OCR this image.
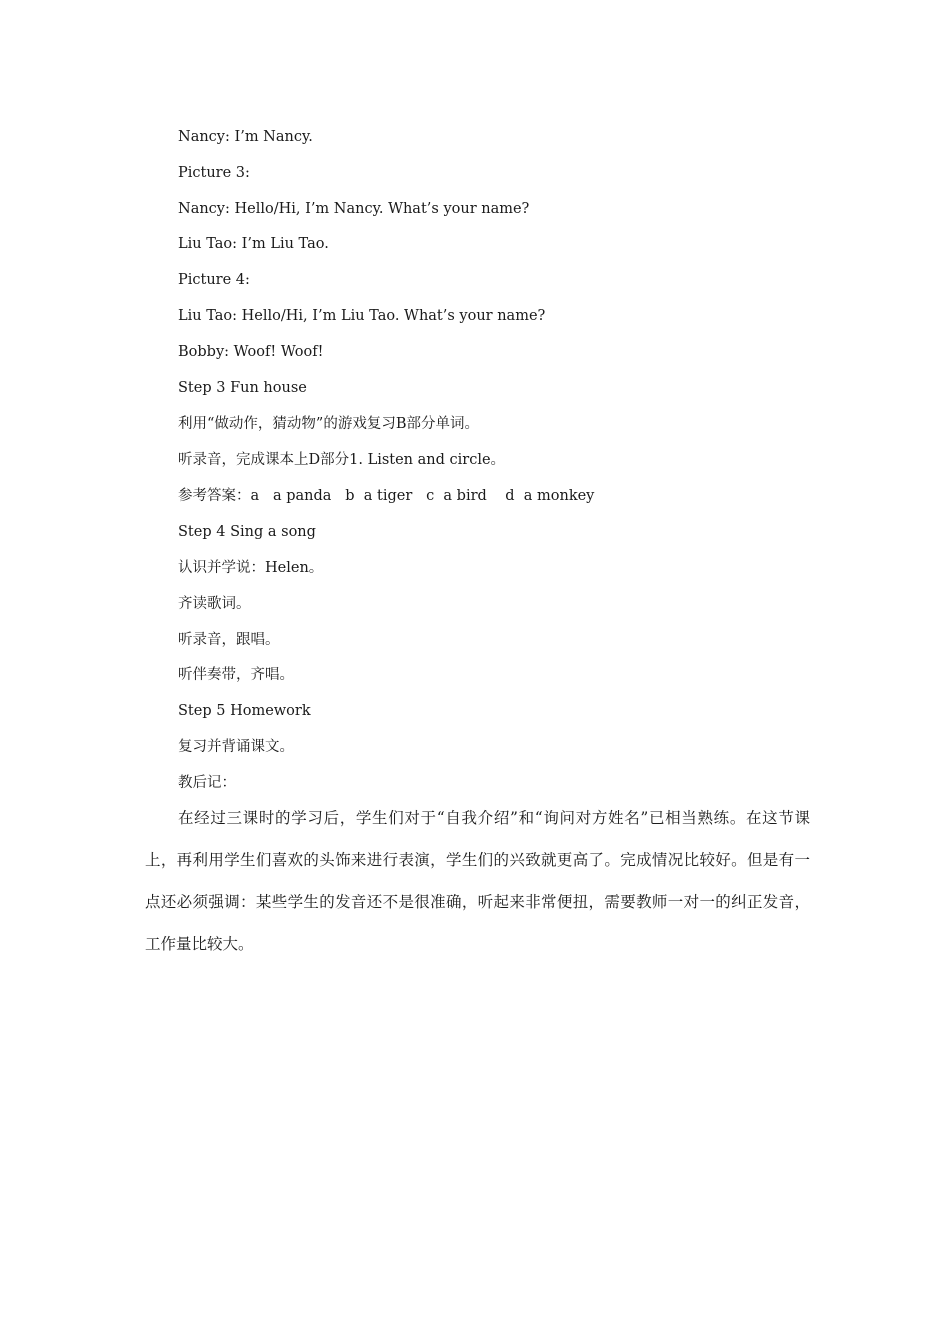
Nancy: I’m Nancy.
Picture 3:
Nancy: Hello/Hi, I’m Nancy. What’s your name?
Liu Tao: I’m Liu Tao.
Picture 4:
Liu Tao: Hello/Hi, I’m Liu Tao. What’s your name?
Bobby: Woof! Woof!
Step 3 Fun house
利用“做动作，猜动物”的游戏复习B部分单词。
听录音，完成课本上D部分1. Listen and circle。
参考答案：a   a panda   b  a tiger   c  a bird    d  a monkey
Step 4 Sing a song
认识并学说：Helen。
齐读歌词。
听录音，跟唱。
听伴奏带，齐唱。
Step 5 Homework
复习并背诵课文。
教后记：
在经过三课时的学习后，学生们对于“自我介绍”和“询问对方姓名”已相当熟练。在这节课上，再利用学生们喜欢的头饰来进行表演，学生们的兴致就更高了。完成情况比较好。但是有一点还必须强调：某些学生的发音还不是很准确，听起来非常便扭，需要教师一对一的纠正发音，工作量比较大。
